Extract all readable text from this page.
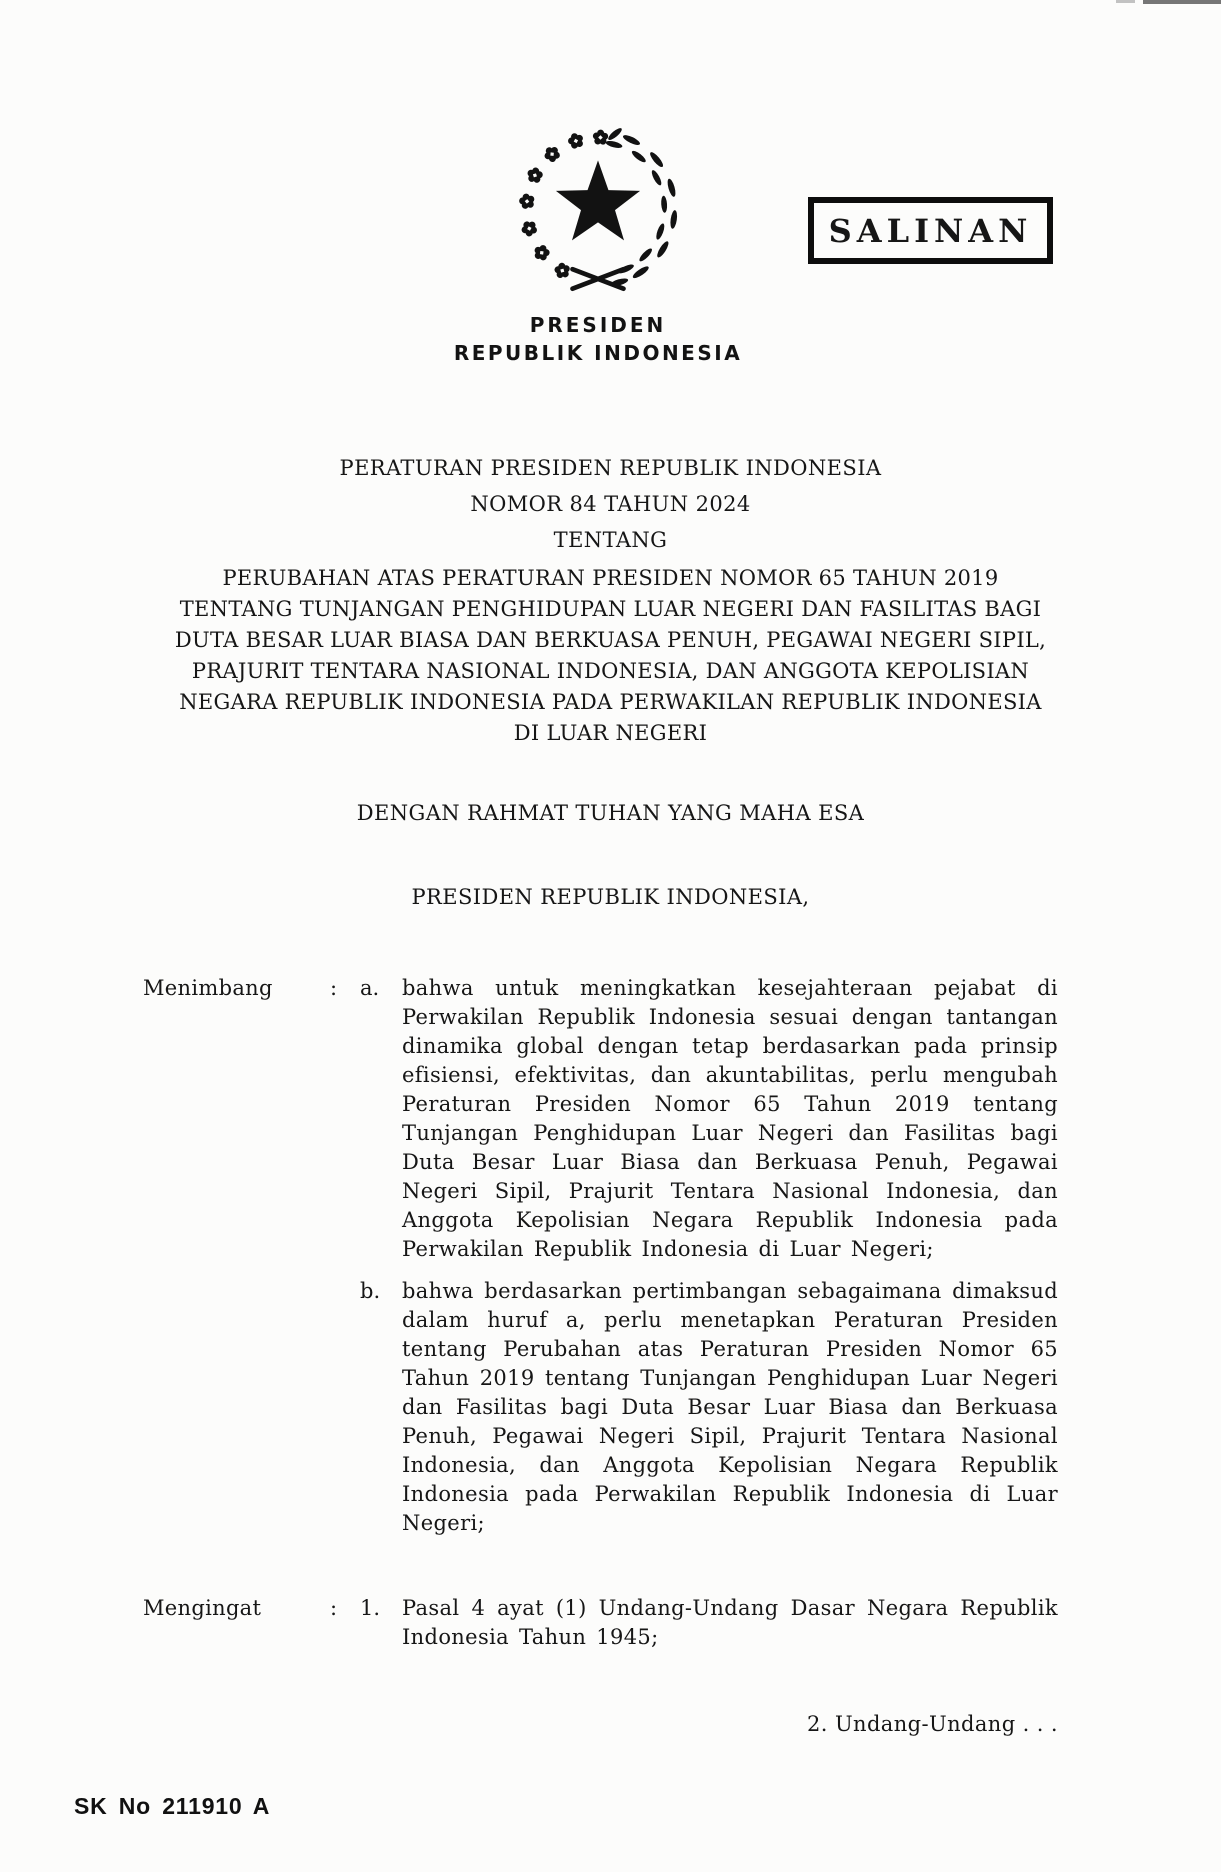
PRESIDEN
REPUBLIK INDONESIA
SALINAN
PERATURAN PRESIDEN REPUBLIK INDONESIA
NOMOR 84 TAHUN 2024
TENTANG
PERUBAHAN ATAS PERATURAN PRESIDEN NOMOR 65 TAHUN 2019
TENTANG TUNJANGAN PENGHIDUPAN LUAR NEGERI DAN FASILITAS BAGI
DUTA BESAR LUAR BIASA DAN BERKUASA PENUH, PEGAWAI NEGERI SIPIL,
PRAJURIT TENTARA NASIONAL INDONESIA, DAN ANGGOTA KEPOLISIAN
NEGARA REPUBLIK INDONESIA PADA PERWAKILAN REPUBLIK INDONESIA
DI LUAR NEGERI
DENGAN RAHMAT TUHAN YANG MAHA ESA
PRESIDEN REPUBLIK INDONESIA,
Menimbang	:	a.	bahwa untuk meningkatkan kesejahteraan pejabat di Perwakilan Republik Indonesia sesuai dengan tantangan dinamika global dengan tetap berdasarkan pada prinsip efisiensi, efektivitas, dan akuntabilitas, perlu mengubah Peraturan Presiden Nomor 65 Tahun 2019 tentang Tunjangan Penghidupan Luar Negeri dan Fasilitas bagi Duta Besar Luar Biasa dan Berkuasa Penuh, Pegawai Negeri Sipil, Prajurit Tentara Nasional Indonesia, dan Anggota Kepolisian Negara Republik Indonesia pada Perwakilan Republik Indonesia di Luar Negeri;

b.	bahwa berdasarkan pertimbangan sebagaimana dimaksud dalam huruf a, perlu menetapkan Peraturan Presiden tentang Perubahan atas Peraturan Presiden Nomor 65 Tahun 2019 tentang Tunjangan Penghidupan Luar Negeri dan Fasilitas bagi Duta Besar Luar Biasa dan Berkuasa Penuh, Pegawai Negeri Sipil, Prajurit Tentara Nasional Indonesia, dan Anggota Kepolisian Negara Republik Indonesia pada Perwakilan Republik Indonesia di Luar Negeri;

Mengingat	:	1.	Pasal 4 ayat (1) Undang-Undang Dasar Negara Republik Indonesia Tahun 1945;

2. Undang-Undang . . .
SK No 211910 A
